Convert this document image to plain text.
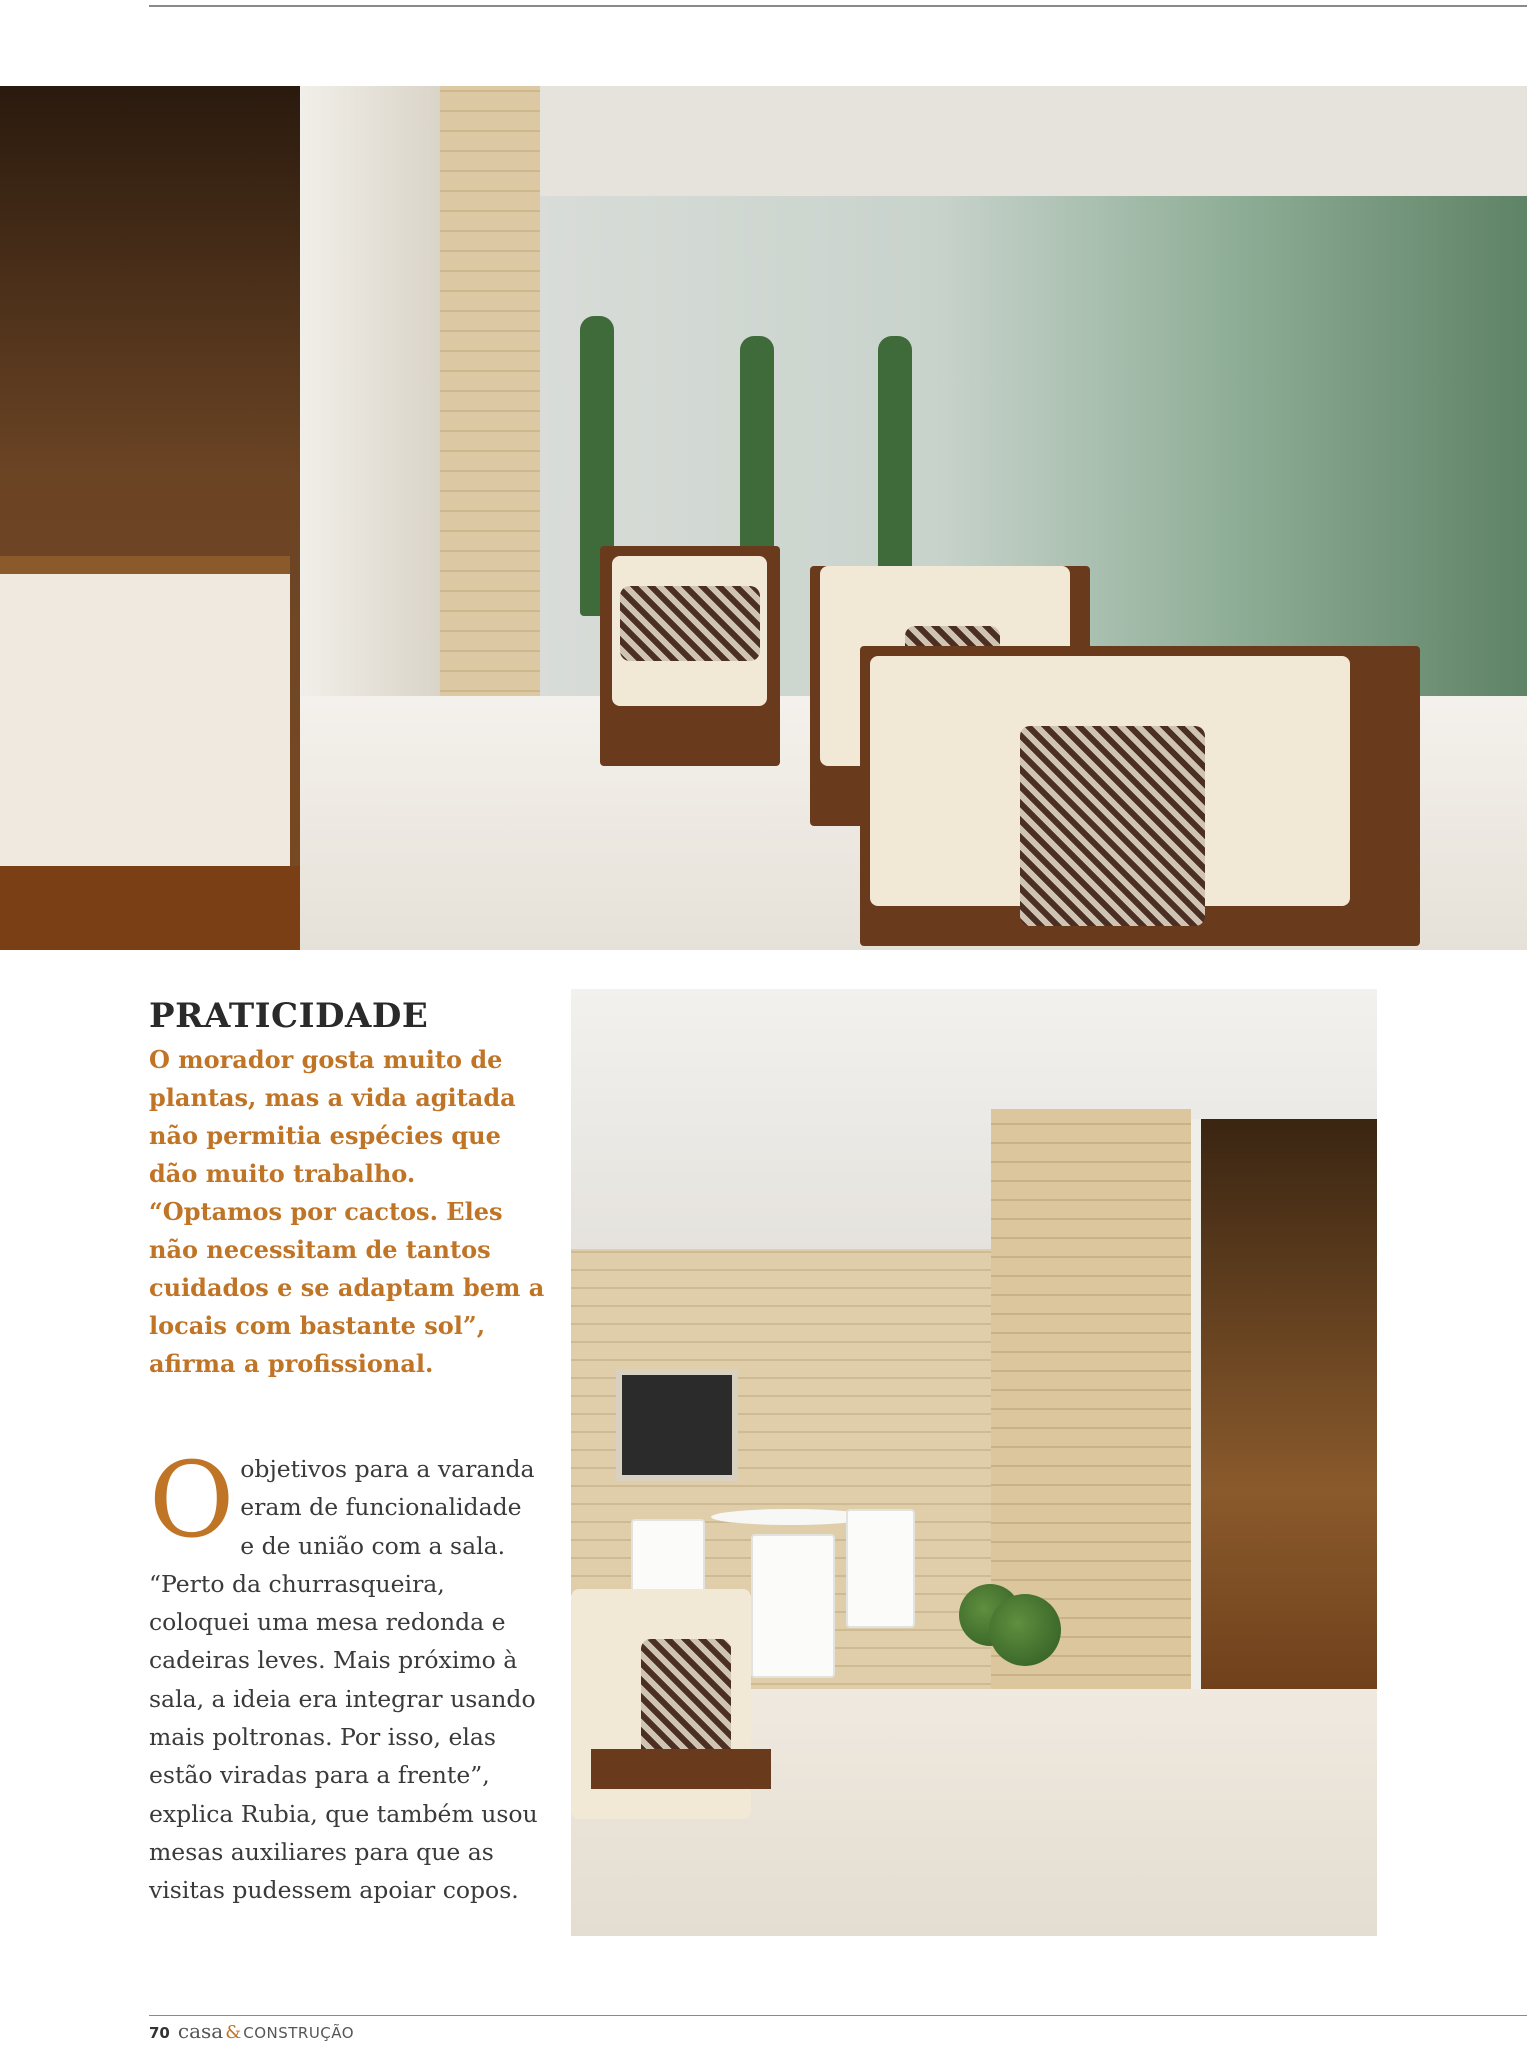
PRATICIDADE

O morador gosta muito de plantas, mas a vida agitada não permitia espécies que dão muito trabalho. “Optamos por cactos. Eles não necessitam de tantos cuidados e se adaptam bem a locais com bastante sol”, afirma a profissional.

O objetivos para a varanda eram de funcionalidade e de união com a sala. “Perto da churrasqueira, coloquei uma mesa redonda e cadeiras leves. Mais próximo à sala, a ideia era integrar usando mais poltronas. Por isso, elas estão viradas para a frente”, explica Rubia, que também usou mesas auxiliares para que as visitas pudessem apoiar copos.

70 casa & CONSTRUÇÃO
